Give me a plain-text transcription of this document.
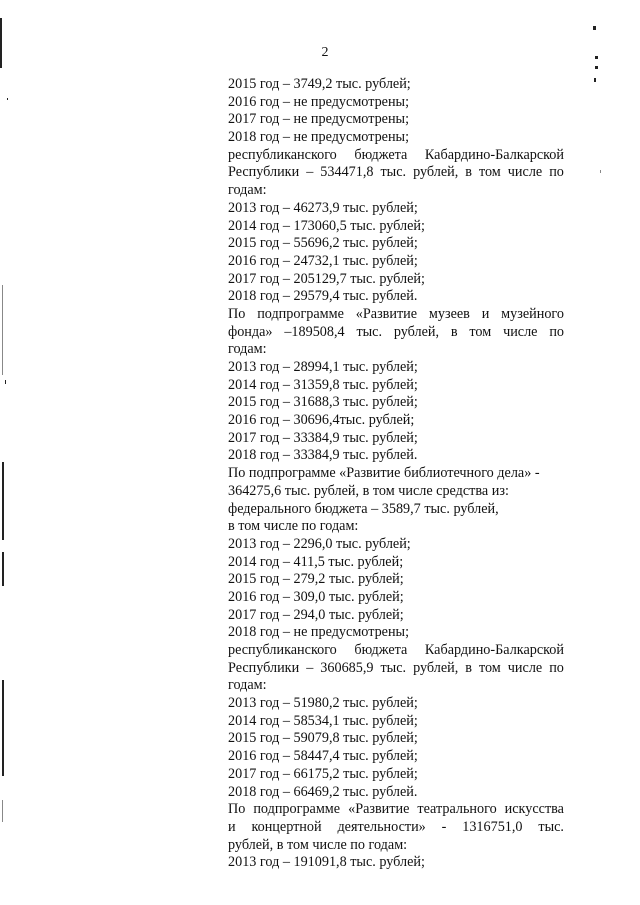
2
2015 год – 3749,2 тыс. рублей;
2016 год – не предусмотрены;
2017 год – не предусмотрены;
2018 год – не предусмотрены;
республиканского бюджета Кабардино-Балкарской
Республики – 534471,8 тыс. рублей, в том числе по
годам:
2013 год – 46273,9 тыс. рублей;
2014 год – 173060,5 тыс. рублей;
2015 год – 55696,2 тыс. рублей;
2016 год – 24732,1 тыс. рублей;
2017 год – 205129,7 тыс. рублей;
2018 год – 29579,4 тыс. рублей.
По подпрограмме «Развитие музеев и музейного
фонда» –189508,4 тыс. рублей, в том числе по
годам:
2013 год – 28994,1 тыс. рублей;
2014 год – 31359,8 тыс. рублей;
2015 год – 31688,3 тыс. рублей;
2016 год – 30696,4тыс. рублей;
2017 год – 33384,9 тыс. рублей;
2018 год – 33384,9 тыс. рублей.
По подпрограмме «Развитие библиотечного дела» -
364275,6 тыс. рублей, в том числе средства из:
федерального бюджета – 3589,7 тыс. рублей,
в том числе по годам:
2013 год – 2296,0 тыс. рублей;
2014 год – 411,5 тыс. рублей;
2015 год – 279,2 тыс. рублей;
2016 год – 309,0 тыс. рублей;
2017 год – 294,0 тыс. рублей;
2018 год – не предусмотрены;
республиканского бюджета Кабардино-Балкарской
Республики – 360685,9 тыс. рублей, в том числе по
годам:
2013 год – 51980,2 тыс. рублей;
2014 год – 58534,1 тыс. рублей;
2015 год – 59079,8 тыс. рублей;
2016 год – 58447,4 тыс. рублей;
2017 год – 66175,2 тыс. рублей;
2018 год – 66469,2 тыс. рублей.
По подпрограмме «Развитие театрального искусства
и концертной деятельности» - 1316751,0 тыс.
рублей, в том числе по годам:
2013 год – 191091,8 тыс. рублей;
